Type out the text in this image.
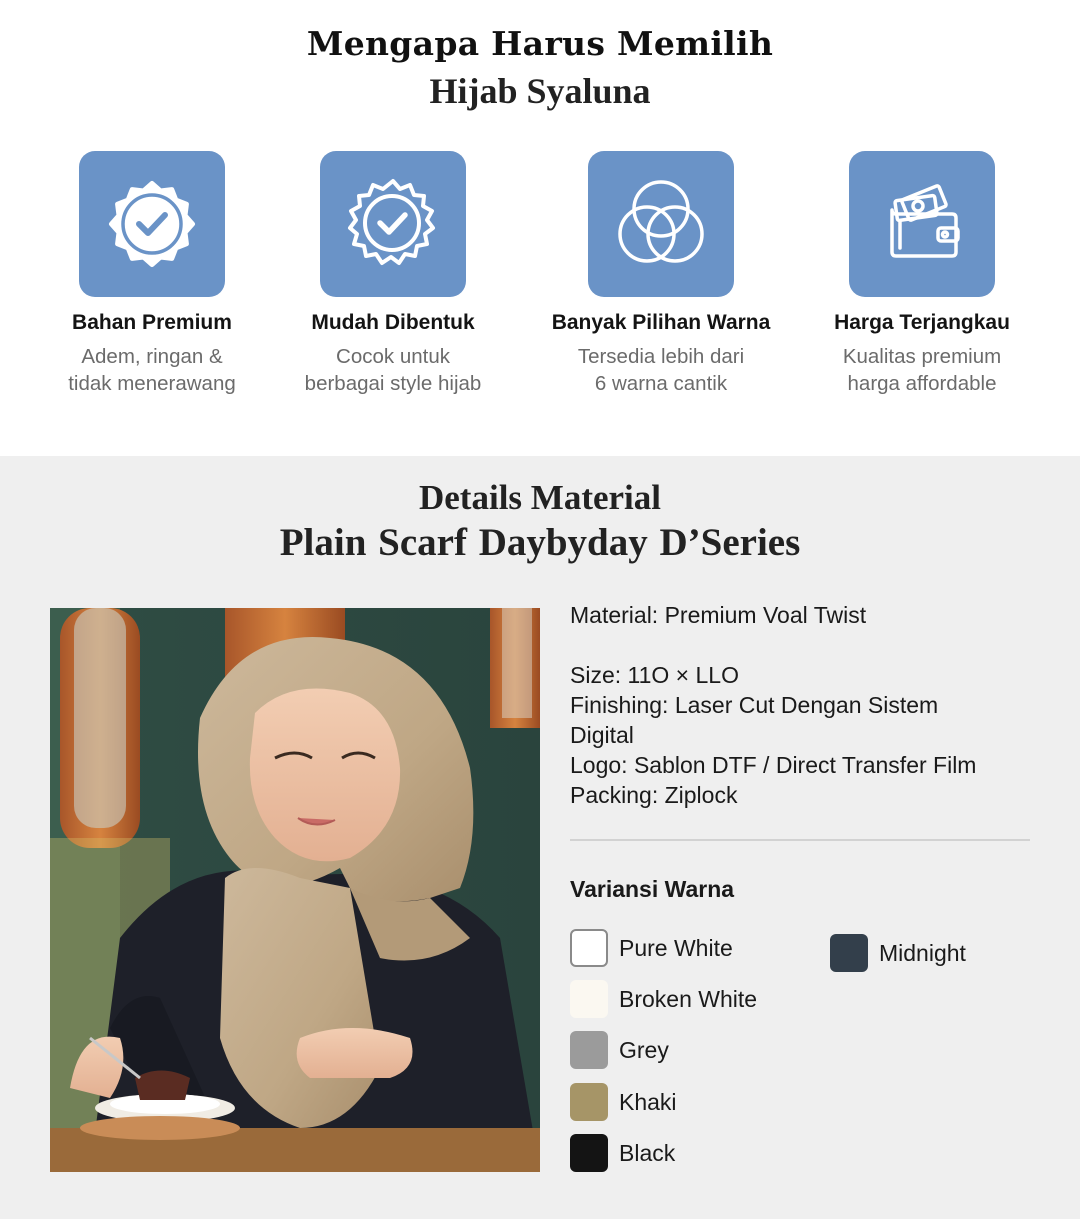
Mengapa Harus Memilih
Hijab Syaluna
Bahan Premium
Adem, ringan &
tidak menerawang
Mudah Dibentuk
Cocok untuk
berbagai style hijab
Banyak Pilihan Warna
Tersedia lebih dari
6 warna cantik
Harga Terjangkau
Kualitas premium
harga affordable
Details Material
Plain Scarf Daybyday D’Series
Material: Premium Voal Twist
Size: 11O × LLO
Finishing: Laser Cut Dengan Sistem
Digital
Logo: Sablon DTF / Direct Transfer Film
Packing: Ziplock
Variansi Warna
Pure White
Broken White
Grey
Khaki
Black
Midnight
